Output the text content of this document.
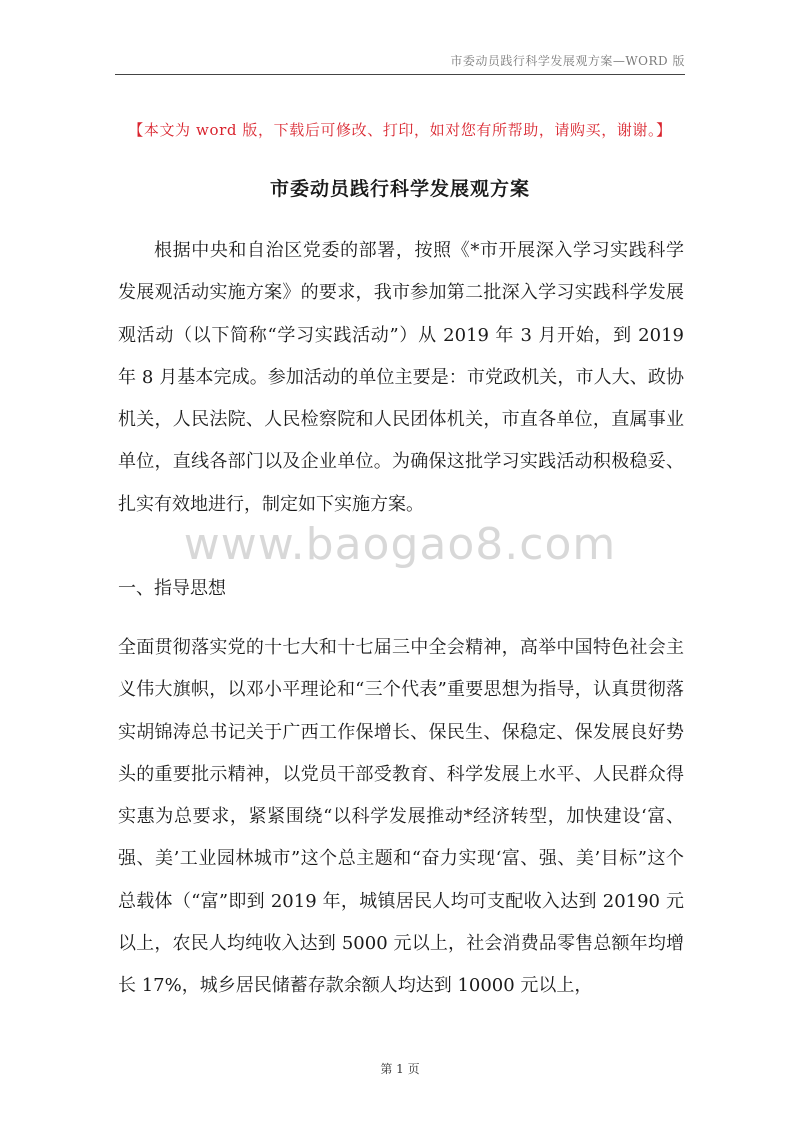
市委动员践行科学发展观方案—WORD 版
【本文为 word 版，下载后可修改、打印，如对您有所帮助，请购买，谢谢。】
市委动员践行科学发展观方案

根据中央和自治区党委的部署，按照《*市开展深入学习实践科学发展观活动实施方案》的要求，我市参加第二批深入学习实践科学发展观活动（以下简称“学习实践活动”）从 2019 年 3 月开始，到 2019 年 8 月基本完成。参加活动的单位主要是：市党政机关，市人大、政协机关，人民法院、人民检察院和人民团体机关，市直各单位，直属事业单位，直线各部门以及企业单位。为确保这批学习实践活动积极稳妥、扎实有效地进行，制定如下实施方案。

www.baogao8.com
一、指导思想

全面贯彻落实党的十七大和十七届三中全会精神，高举中国特色社会主义伟大旗帜，以邓小平理论和“三个代表”重要思想为指导，认真贯彻落实胡锦涛总书记关于广西工作保增长、保民生、保稳定、保发展良好势头的重要批示精神，以党员干部受教育、科学发展上水平、人民群众得实惠为总要求，紧紧围绕“以科学发展推动*经济转型，加快建设‘富、强、美’工业园林城市”这个总主题和“奋力实现‘富、强、美’目标”这个总载体（“富”即到 2019 年，城镇居民人均可支配收入达到 20190 元以上，农民人均纯收入达到 5000 元以上，社会消费品零售总额年均增长 17%，城乡居民储蓄存款余额人均达到 10000 元以上，

第 1 页
